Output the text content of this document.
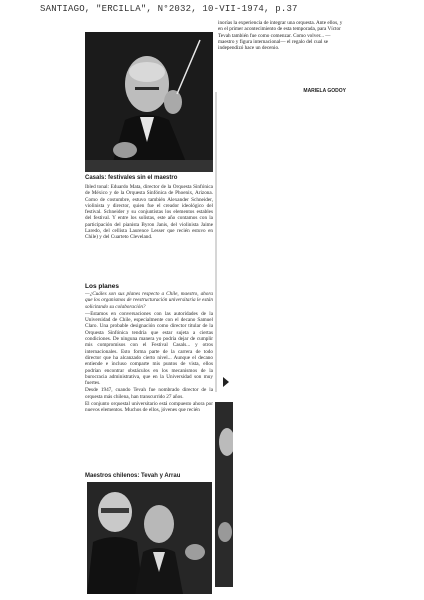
SANTIAGO, "ERCILLA", N°2032, 10-VII-1974, p.37
Casals: festivales sin el maestro

Ibled tonal: Eduardo Mata, director de la Orquesta Sinfónica de México y de la Orquesta Sinfónica de Phoenix, Arizona. Como de costumbre, estuvo también Alexander Schneider, violinista y director, quien fue el creador ideológico del festival. Schneider y su conjuntistas los elementos estables del festival. Y entre los solistas, este año contamos con la participación del pianista Byron Janis, del violinista Jaime Laredo, del cellista Laurence Lesser que recién estuvo en Chile) y del Cuarteto Cleveland.

Los planes

—¿Cuáles son sus planes respecto a Chile, maestro, ahora que los organismos de reestructuración universitaria le están solicitando su colaboración?

—Estamos en conversaciones con las autoridades de la Universidad de Chile, especialmente con el decano Samuel Claro. Una probable designación como director titular de la Orquesta Sinfónica tendría que estar sujeta a ciertas condiciones. De ninguna manera yo podría dejar de cumplir mis compromisos con el Festival Casals... y otros internacionales. Esto forma parte de la carrera de todo director que ha alcanzado cierto nivel... Aunque el decano entiende e incluso comparte mis puntos de vista, ellos podrían encontrar obstáculos en los mecanismos de la burocracia administrativa, que en la Universidad son muy fuertes.

Desde 1947, cuando Tevah fue nombrado director de la orquesta más chilena, han transcurrido 27 años.

El conjunto orquestal universitario está compuesto ahora por nuevos elementos. Muchos de ellos, jóvenes que recién

Maestros chilenos: Tevah y Arrau
inorías la experiencia de integrar una orquesta. Ante ellos, y en el primer acontecimiento de esta temporada, para Víctor Tevah también fue como comenzar. Como volver... —maestro y figura internacional— el regalo del cual se independizó hace un decenio.
MARIELA GODOY
